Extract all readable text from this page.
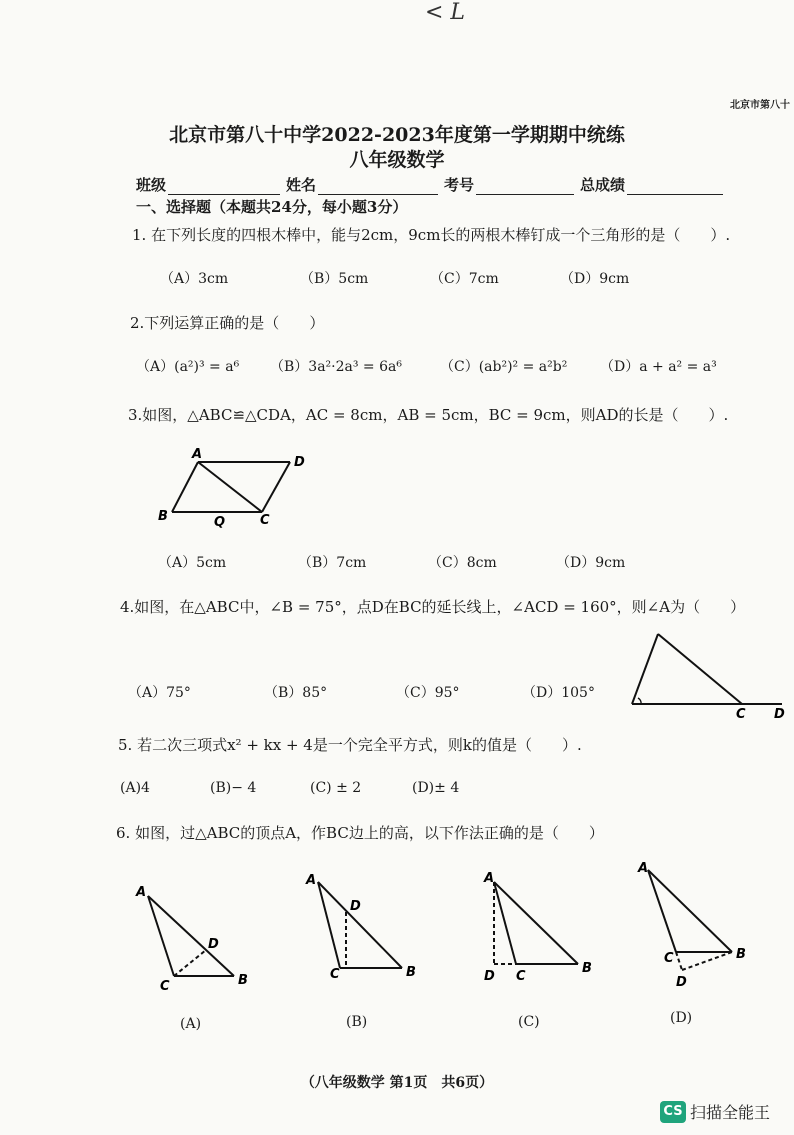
< 𝐿
北京市第八十
北京市第八十中学2022-2023年度第一学期期中统练
八年级数学
班级	姓名	考号	总成绩
一、选择题（本题共24分，每小题3分）
1. 在下列长度的四根木棒中，能与2cm，9cm长的两根木棒钉成一个三角形的是（　　）.
（A）3cm	（B）5cm	（C）7cm	（D）9cm
2.下列运算正确的是（　　）
（A）(a²)³ = a⁶ （B）3a²·2a³ = 6a⁶	（C）(ab²)² = a²b² （D）a + a² = a³
3.如图，△ABC≌△CDA，AC = 8cm，AB = 5cm，BC = 9cm，则AD的长是（　　）.
A
D
B	Q	C
（A）5cm	（B）7cm	（C）8cm	（D）9cm
4.如图，在△ABC中，∠B = 75°，点D在BC的延长线上，∠ACD = 160°，则∠A为（　　）
C D
（A）75°	（B）85°	（C）95°	（D）105°
5. 若二次三项式x² + kx + 4是一个完全平方式，则k的值是（　　）.
(A)4	(B)− 4	(C) ± 2	(D)± 4
6. 如图，过△ABC的顶点A，作BC边上的高，以下作法正确的是（　　）
A
D
C	B
A
D
C	B
A
D C
B
A
C	B
D
(A)	(B)	(C)	(D)
（八年级数学 第1页　共6页）
CS 扫描全能王
